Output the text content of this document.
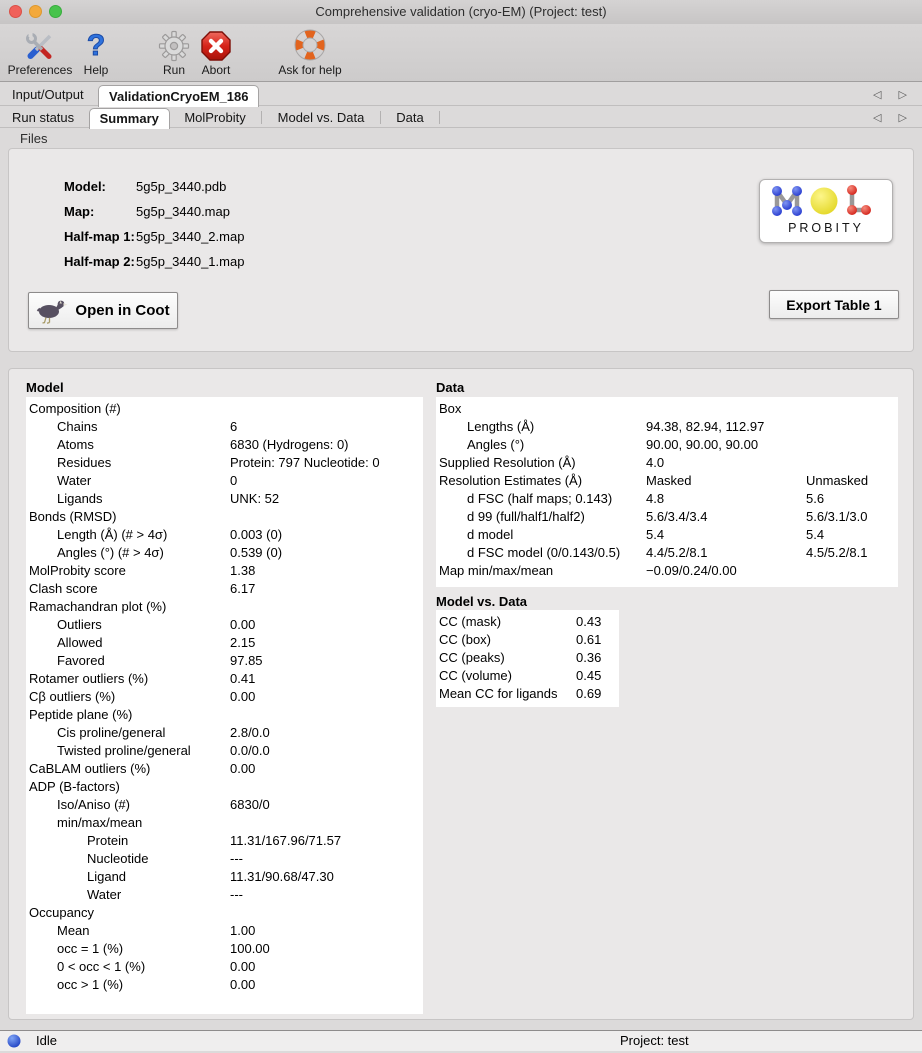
Comprehensive validation (cryo-EM) (Project: test)
Preferences
?
Help	Run	Abort	Ask for help
Input/Output ValidationCryoEM_186	◁ ▷
Run status Summary MolProbity Model vs. Data Data	◁ ▷
Files
Model: 5g5p_3440.pdb
Map:	5g5p_3440.map
Half-map 1: 5g5p_3440_2.map
Half-map 2: 5g5p_3440_1.map
Open in Coot
PROBITY
Export Table 1
Model
Composition (#)
Chains	6
Atoms	6830 (Hydrogens: 0)
Residues	Protein: 797 Nucleotide: 0
Water	0
Ligands	UNK: 52
Bonds (RMSD)
Length (Å) (# > 4σ)	0.003 (0)
Angles (°) (# > 4σ)	0.539 (0)
MolProbity score	1.38
Clash score	6.17
Ramachandran plot (%)
Outliers	0.00
Allowed	2.15
Favored	97.85
Rotamer outliers (%)	0.41
Cβ outliers (%)	0.00
Peptide plane (%)
Cis proline/general	2.8/0.0
Twisted proline/general	0.0/0.0
CaBLAM outliers (%)	0.00
ADP (B-factors)
Iso/Aniso (#)	6830/0
min/max/mean
Protein	11.31/167.96/71.57
Nucleotide	---
Ligand	11.31/90.68/47.30
Water	---
Occupancy
Mean	1.00
occ = 1 (%)	100.00
0 < occ < 1 (%)	0.00
occ > 1 (%)	0.00
Data
Box
Lengths (Å)	94.38, 82.94, 112.97
Angles (°)	90.00, 90.00, 90.00
Supplied Resolution (Å)	4.0
Resolution Estimates (Å)	Masked	Unmasked
d FSC (half maps; 0.143)	4.8	5.6
d 99 (full/half1/half2)	5.6/3.4/3.4	5.6/3.1/3.0
d model	5.4	5.4
d FSC model (0/0.143/0.5) 4.4/5.2/8.1	4.5/5.2/8.1
Map min/max/mean	−0.09/0.24/0.00
Model vs. Data
CC (mask)	0.43
CC (box)	0.61
CC (peaks)	0.36
CC (volume)	0.45
Mean CC for ligands 0.69
Idle	Project: test
